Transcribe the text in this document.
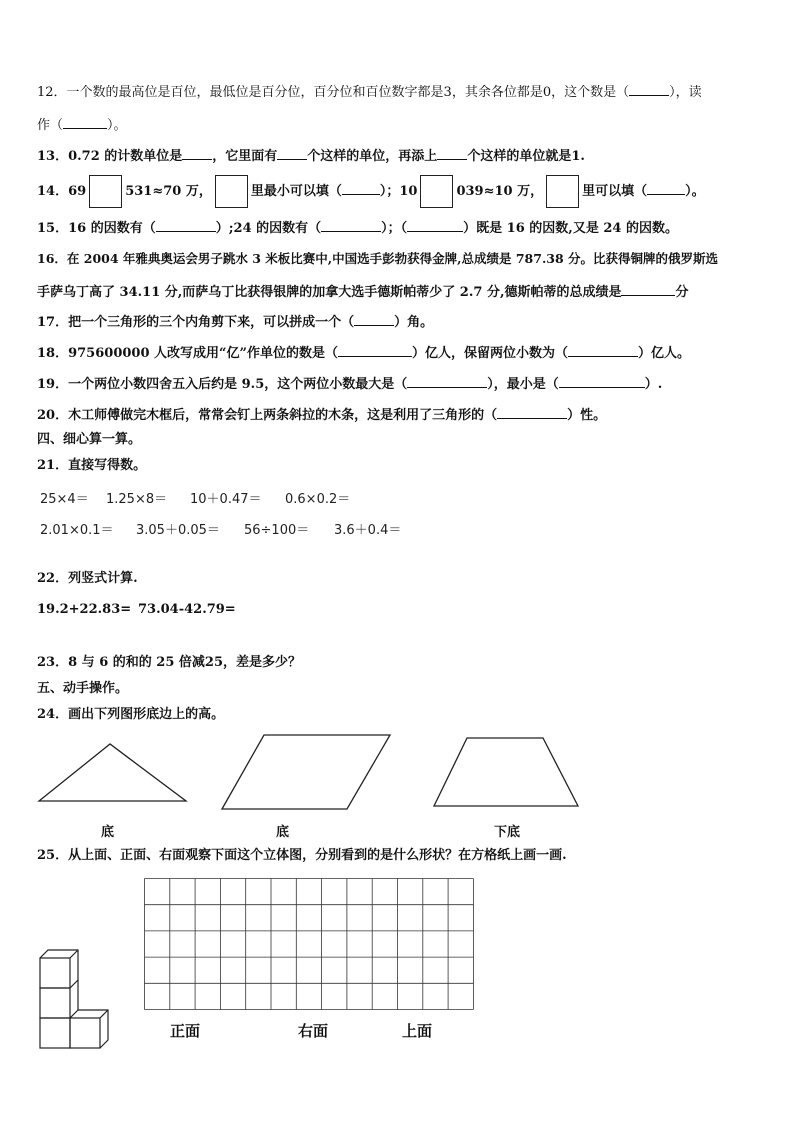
12．一个数的最高位是百位，最低位是百分位，百分位和百位数字都是3，其余各位都是0，这个数是（	），读
作（	）。
13．0.72 的计数单位是 ，它里面有 个这样的单位，再添上 个这样的单位就是1.
14．69	531≈70 万，	里最小可以填（	）；10	039≈10 万，	里可以填（	）。
15．16 的因数有（	）;24 的因数有（	）；（	）既是 16 的因数,又是 24 的因数。
16．在 2004 年雅典奥运会男子跳水 3 米板比赛中,中国选手彭勃获得金牌,总成绩是 787.38 分。比获得铜牌的俄罗斯选
手萨乌丁高了 34.11 分,而萨乌丁比获得银牌的加拿大选手德斯帕蒂少了 2.7 分,德斯帕蒂的总成绩是	分
17．把一个三角形的三个内角剪下来，可以拼成一个（	）角。
18．975600000 人改写成用“亿”作单位的数是（	）亿人，保留两位小数为（	）亿人。
19．一个两位小数四舍五入后约是 9.5，这个两位小数最大是（	），最小是（	）.
20．木工师傅做完木框后，常常会钉上两条斜拉的木条，这是利用了三角形的（	）性。
四、细心算一算。
21．直接写得数。
25×4＝ 1.25×8＝ 10＋0.47＝ 0.6×0.2＝
2.01×0.1＝ 3.05＋0.05＝ 56÷100＝ 3.6＋0.4＝
22．列竖式计算.
19.2+22.83= 73.04-42.79=
23．8 与 6 的和的 25 倍减25，差是多少？
五、动手操作。
24．画出下列图形底边上的高。
底	底	下底
25．从上面、正面、右面观察下面这个立体图，分别看到的是什么形状？在方格纸上画一画.
正面	右面	上面
